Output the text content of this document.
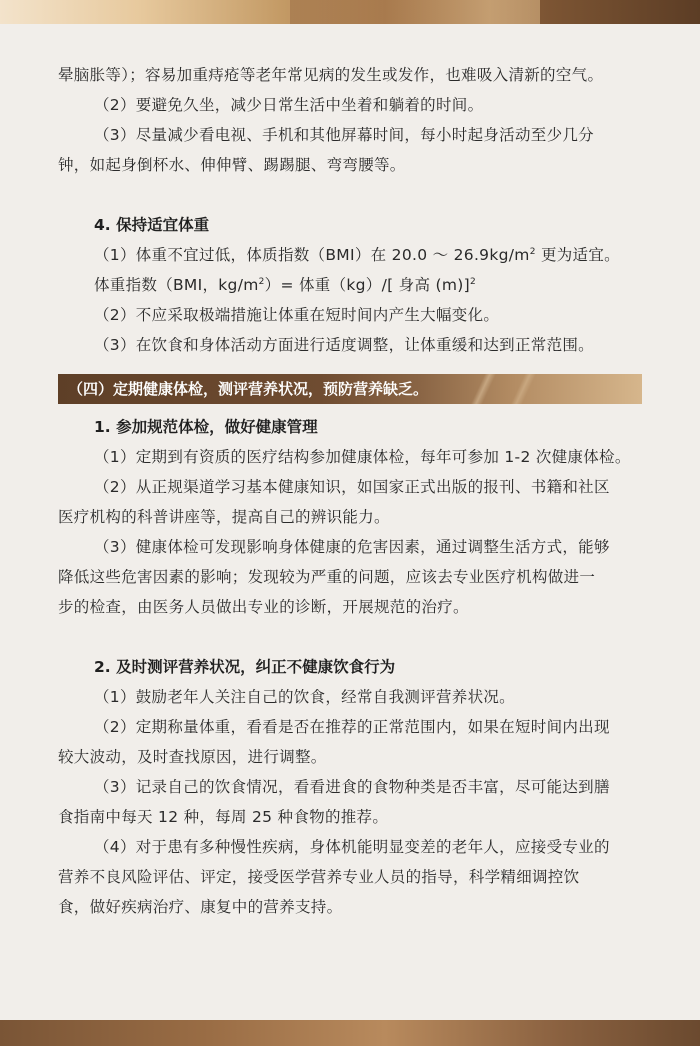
晕脑胀等）；容易加重痔疮等老年常见病的发生或发作，也难吸入清新的空气。
（2）要避免久坐，减少日常生活中坐着和躺着的时间。
（3）尽量减少看电视、手机和其他屏幕时间，每小时起身活动至少几分
钟，如起身倒杯水、伸伸臂、踢踢腿、弯弯腰等。
4. 保持适宜体重
（1）体重不宜过低，体质指数（BMI）在 20.0 ～ $26.9kg/m^2$ 更为适宜。
体重指数（BMI，$kg/m^2)=$ 体重（kg）/[ 身高 (m)]$^2$
（2）不应采取极端措施让体重在短时间内产生大幅变化。
（3）在饮食和身体活动方面进行适度调整，让体重缓和达到正常范围。
（四）定期健康体检，测评营养状况，预防营养缺乏。
1. 参加规范体检，做好健康管理
（1）定期到有资质的医疗结构参加健康体检，每年可参加 1-2 次健康体检。
（2）从正规渠道学习基本健康知识，如国家正式出版的报刊、书籍和社区
医疗机构的科普讲座等，提高自己的辨识能力。
（3）健康体检可发现影响身体健康的危害因素，通过调整生活方式，能够
降低这些危害因素的影响；发现较为严重的问题，应该去专业医疗机构做进一
步的检查，由医务人员做出专业的诊断，开展规范的治疗。
2. 及时测评营养状况，纠正不健康饮食行为
（1）鼓励老年人关注自己的饮食，经常自我测评营养状况。
（2）定期称量体重，看看是否在推荐的正常范围内，如果在短时间内出现
较大波动，及时查找原因，进行调整。
（3）记录自己的饮食情况，看看进食的食物种类是否丰富，尽可能达到膳
食指南中每天 12 种，每周 25 种食物的推荐。
（4）对于患有多种慢性疾病，身体机能明显变差的老年人，应接受专业的
营养不良风险评估、评定，接受医学营养专业人员的指导，科学精细调控饮
食，做好疾病治疗、康复中的营养支持。
